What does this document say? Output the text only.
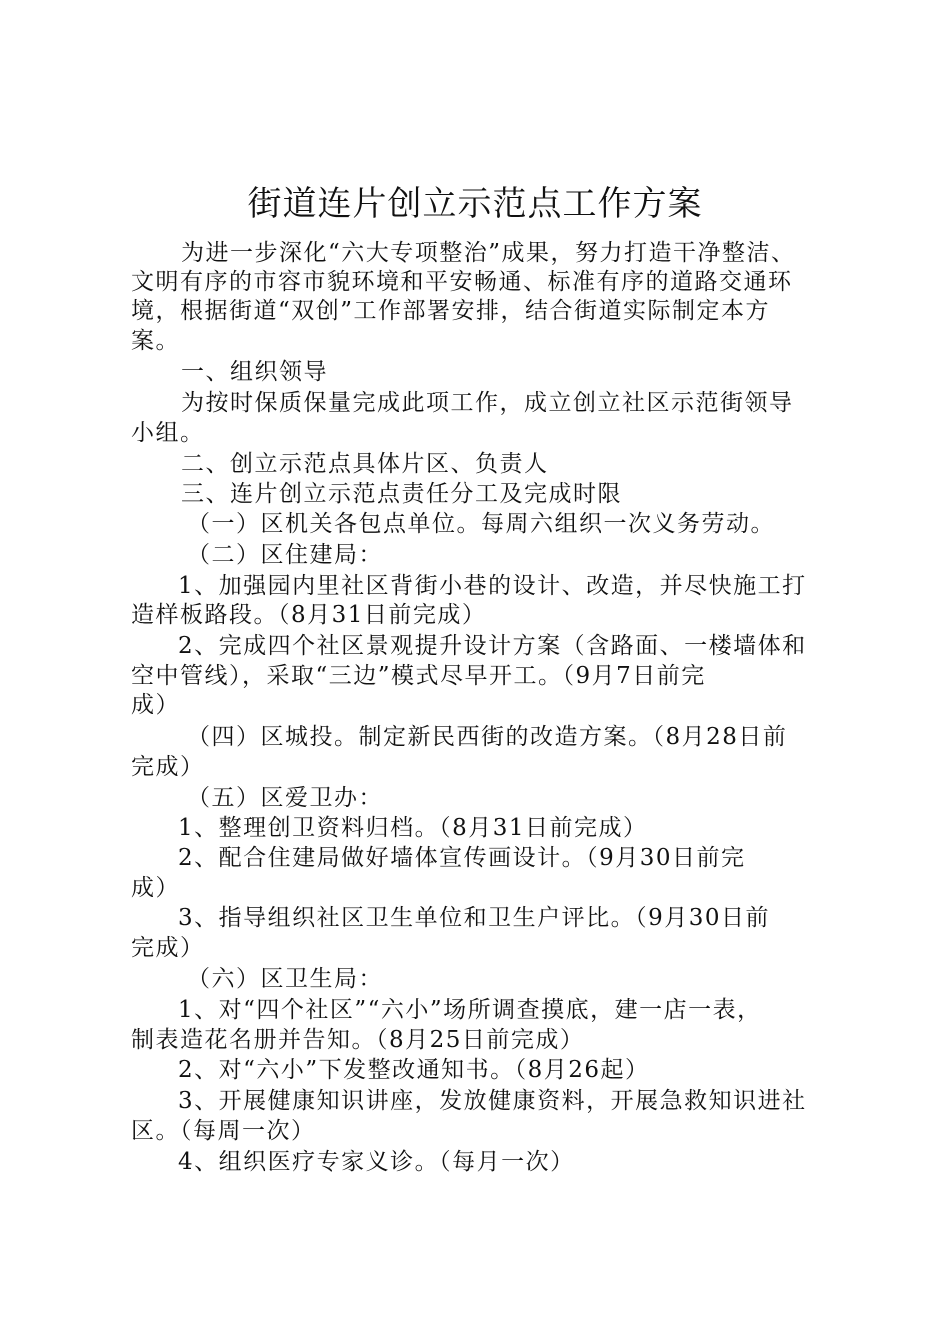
街道连片创立示范点工作方案
为进一步深化“六大专项整治”成果，努力打造干净整洁、
文明有序的市容市貌环境和平安畅通、标准有序的道路交通环
境，根据街道“双创”工作部署安排，结合街道实际制定本方
案。
一、组织领导
为按时保质保量完成此项工作，成立创立社区示范街领导
小组。
二、创立示范点具体片区、负责人
三、连片创立示范点责任分工及完成时限
（一）区机关各包点单位。每周六组织一次义务劳动。
（二）区住建局：
1、加强园内里社区背街小巷的设计、改造，并尽快施工打
造样板路段。（8月31日前完成）
2、完成四个社区景观提升设计方案（含路面、一楼墙体和
空中管线），采取“三边”模式尽早开工。（9月7日前完
成）
（四）区城投。制定新民西街的改造方案。（8月28日前
完成）
（五）区爱卫办：
1、整理创卫资料归档。（8月31日前完成）
2、配合住建局做好墙体宣传画设计。（9月30日前完
成）
3、指导组织社区卫生单位和卫生户评比。（9月30日前
完成）
（六）区卫生局：
1、对“四个社区”“六小”场所调查摸底，建一店一表，
制表造花名册并告知。（8月25日前完成）
2、对“六小”下发整改通知书。（8月26起）
3、开展健康知识讲座，发放健康资料，开展急救知识进社
区。（每周一次）
4、组织医疗专家义诊。（每月一次）
